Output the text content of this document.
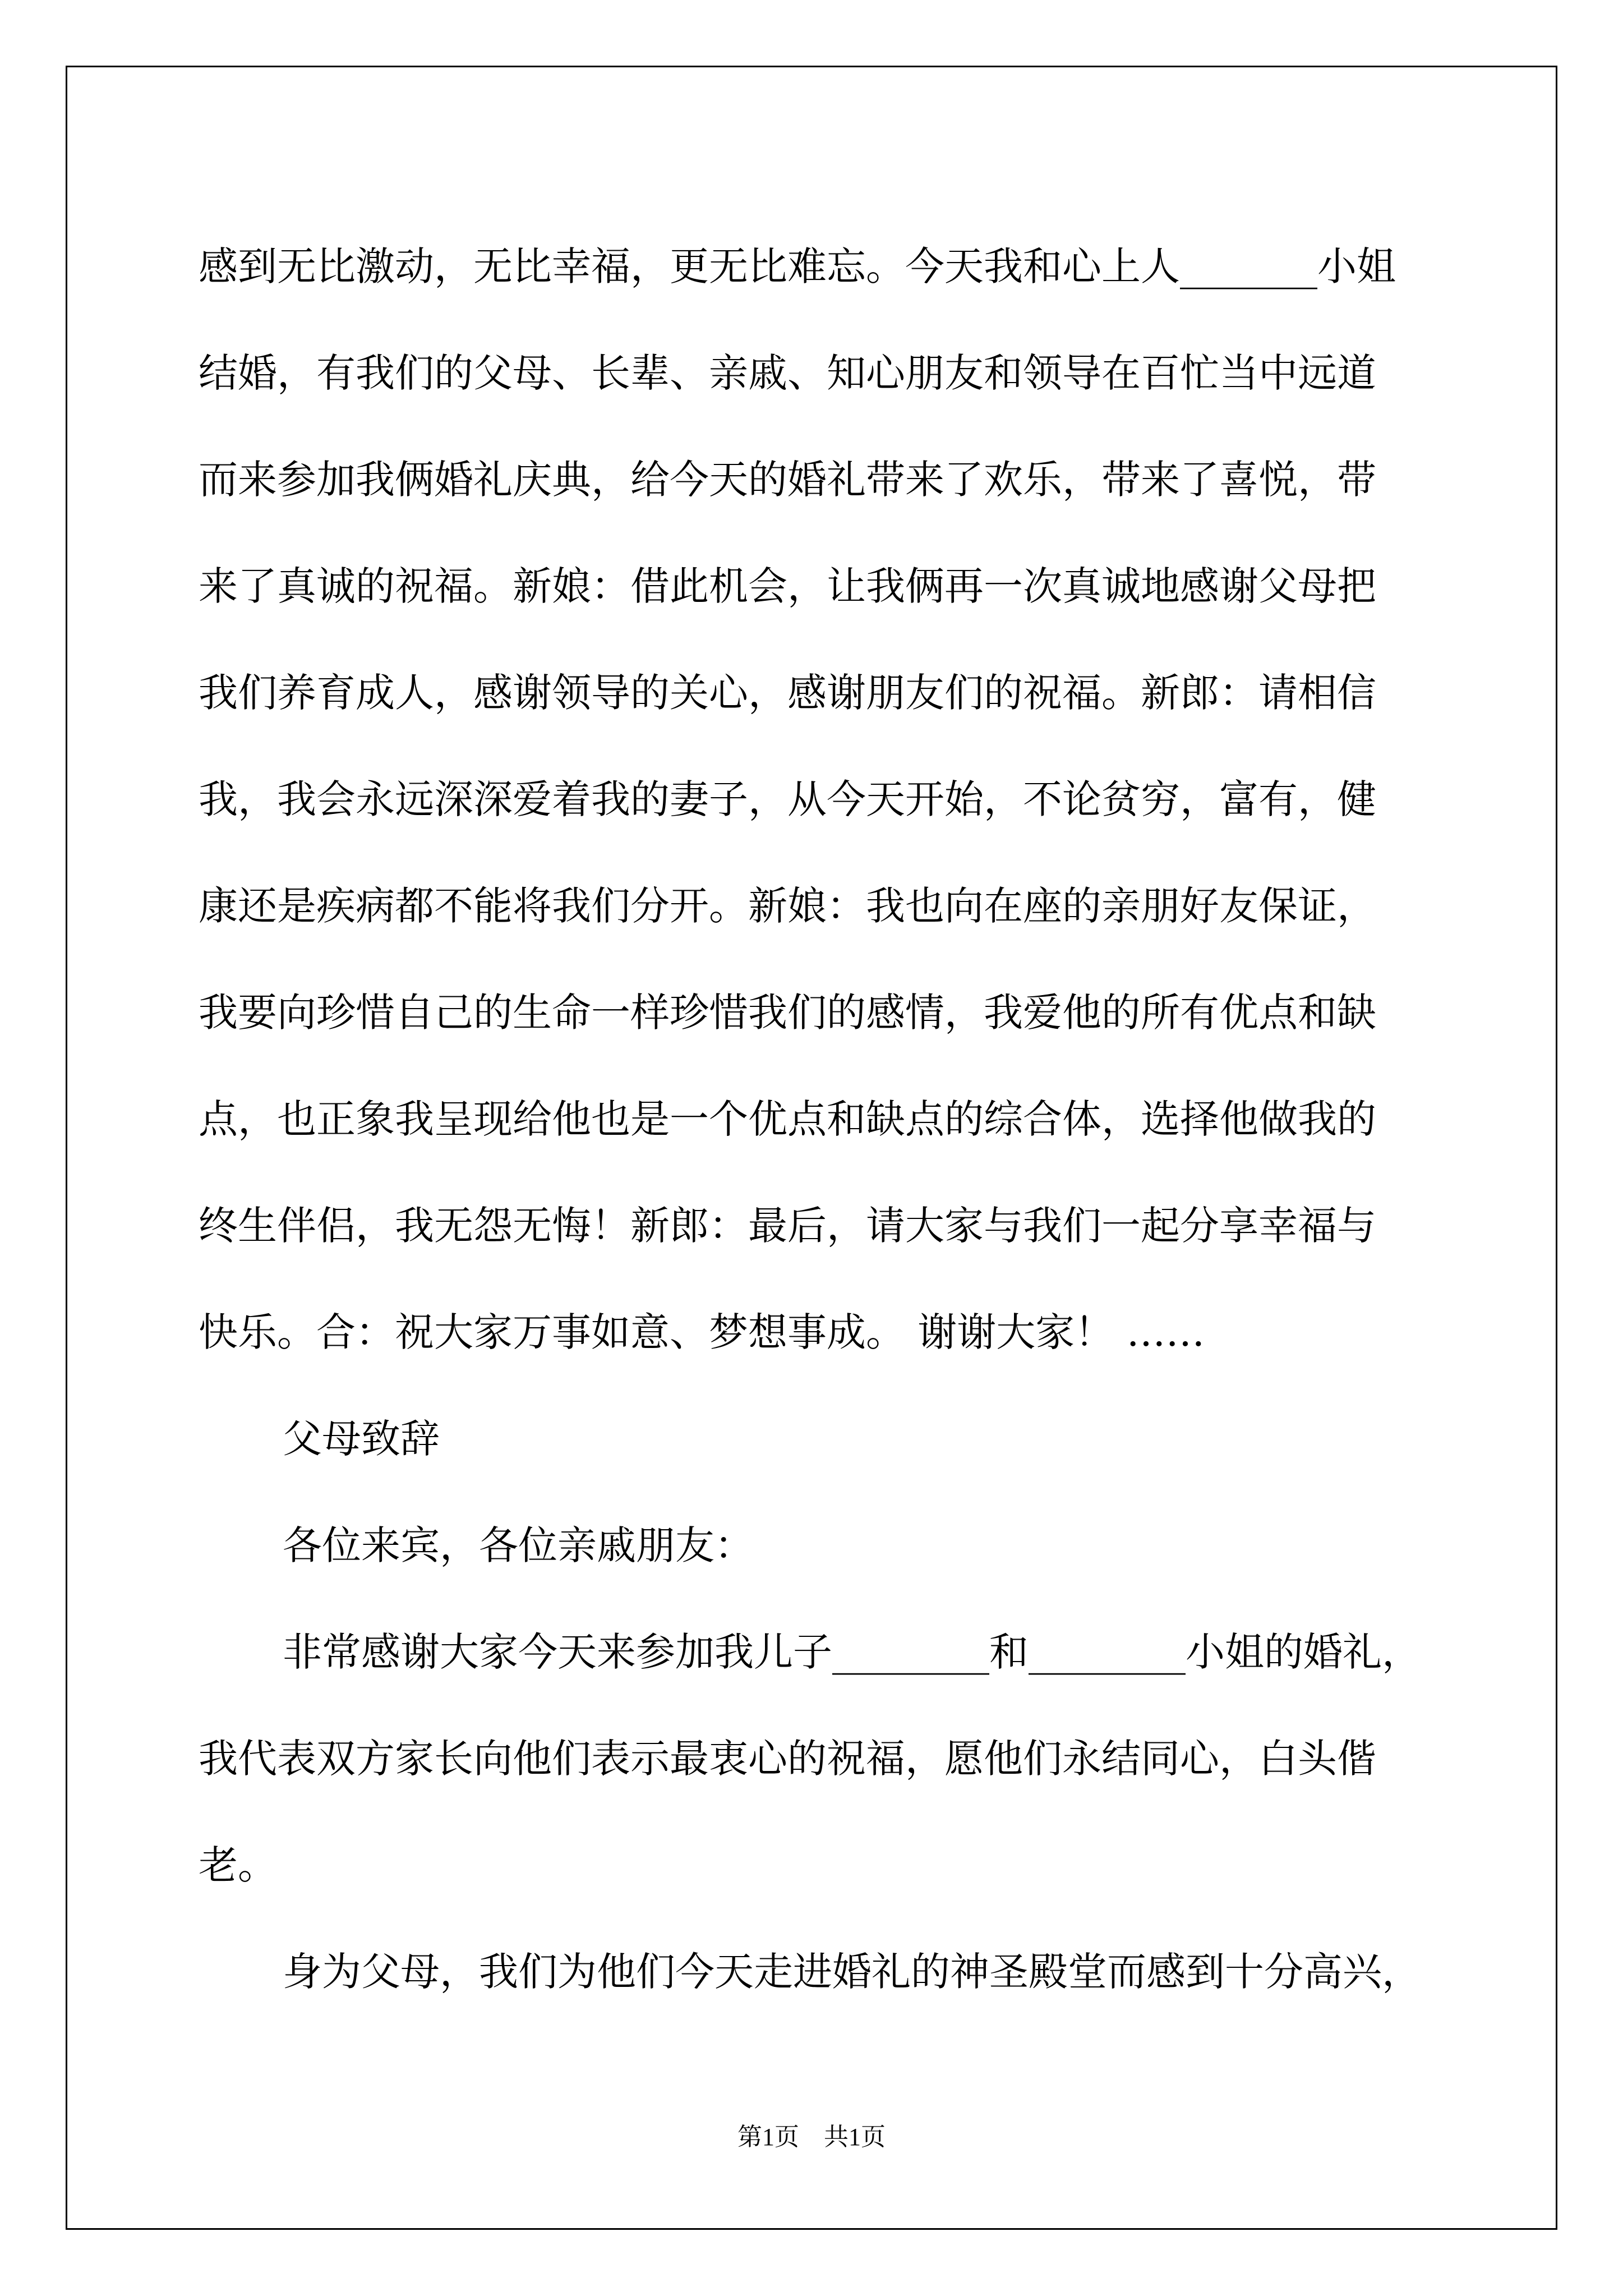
感到无比激动，无比幸福，更无比难忘。今天我和心上人_______小姐

结婚，有我们的父母、长辈、亲戚、知心朋友和领导在百忙当中远道

而来参加我俩婚礼庆典，给今天的婚礼带来了欢乐，带来了喜悦，带

来了真诚的祝福。新娘：借此机会，让我俩再一次真诚地感谢父母把

我们养育成人，感谢领导的关心，感谢朋友们的祝福。新郎：请相信

我，我会永远深深爱着我的妻子，从今天开始，不论贫穷，富有，健

康还是疾病都不能将我们分开。新娘：我也向在座的亲朋好友保证，

我要向珍惜自己的生命一样珍惜我们的感情，我爱他的所有优点和缺

点，也正象我呈现给他也是一个优点和缺点的综合体，选择他做我的

终生伴侣，我无怨无悔！新郎：最后，请大家与我们一起分享幸福与

快乐。合：祝大家万事如意、梦想事成。 谢谢大家！ ……

父母致辞

各位来宾，各位亲戚朋友：

非常感谢大家今天来参加我儿子________和________小姐的婚礼，

我代表双方家长向他们表示最衷心的祝福，愿他们永结同心，白头偕

老。

身为父母，我们为他们今天走进婚礼的神圣殿堂而感到十分高兴，

第1页　共1页
